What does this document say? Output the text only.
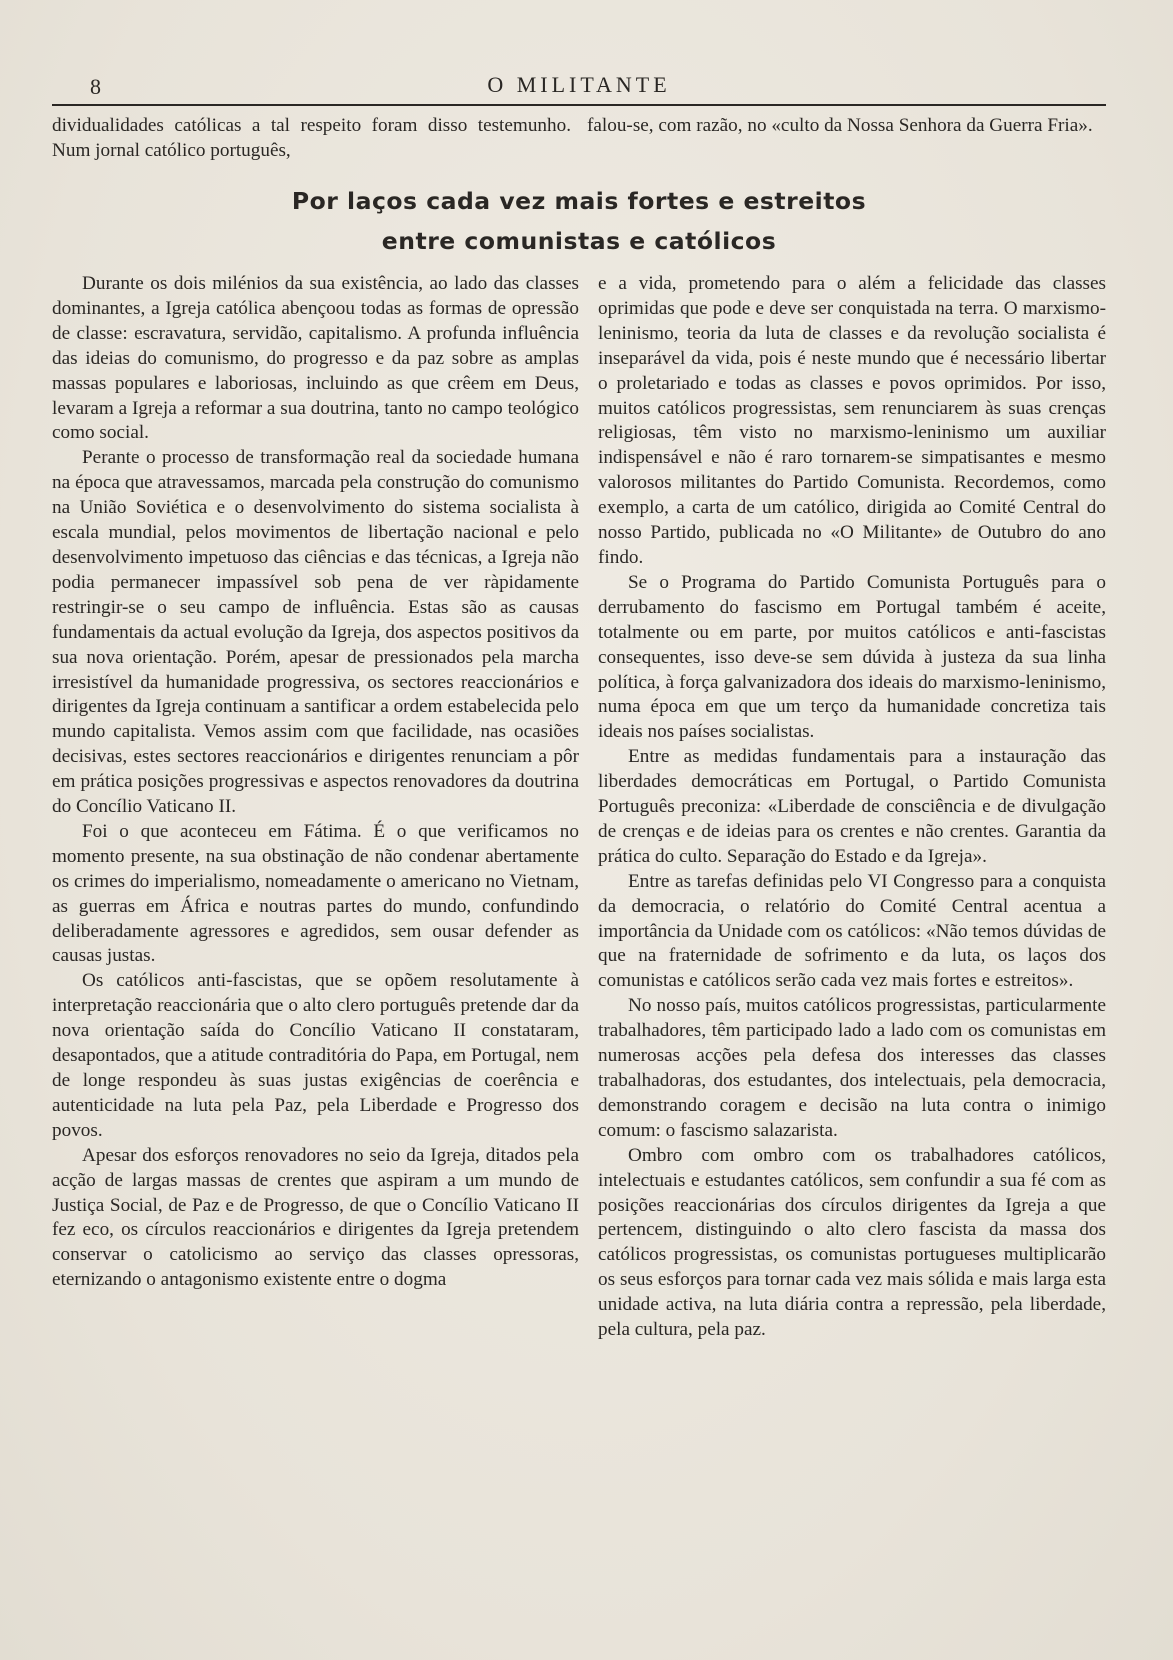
O MILITANTE
8

dividualidades católicas a tal respeito foram disso testemunho. Num jornal católico português,

falou-se, com razão, no «culto da Nossa Senhora da Guerra Fria».

Por laços cada vez mais fortes e estreitos
entre comunistas e católicos

Durante os dois milénios da sua existência, ao lado das classes dominantes, a Igreja católica abençoou todas as formas de opressão de classe: escravatura, servidão, capitalismo. A profunda influência das ideias do comunismo, do progresso e da paz sobre as amplas massas populares e laboriosas, incluindo as que crêem em Deus, levaram a Igreja a reformar a sua doutrina, tanto no campo teológico como social.

Perante o processo de transformação real da sociedade humana na época que atravessamos, marcada pela construção do comunismo na União Soviética e o desenvolvimento do sistema socialista à escala mundial, pelos movimentos de libertação nacional e pelo desenvolvimento impetuoso das ciências e das técnicas, a Igreja não podia permanecer impassível sob pena de ver ràpidamente restringir-se o seu campo de influência. Estas são as causas fundamentais da actual evolução da Igreja, dos aspectos positivos da sua nova orientação. Porém, apesar de pressionados pela marcha irresistível da humanidade progressiva, os sectores reaccionários e dirigentes da Igreja continuam a santificar a ordem estabelecida pelo mundo capitalista. Vemos assim com que facilidade, nas ocasiões decisivas, estes sectores reaccionários e dirigentes renunciam a pôr em prática posições progressivas e aspectos renovadores da doutrina do Concílio Vaticano II.

Foi o que aconteceu em Fátima. É o que verificamos no momento presente, na sua obstinação de não condenar abertamente os crimes do imperialismo, nomeadamente o americano no Vietnam, as guerras em África e noutras partes do mundo, confundindo deliberadamente agressores e agredidos, sem ousar defender as causas justas.

Os católicos anti-fascistas, que se opõem resolutamente à interpretação reaccionária que o alto clero português pretende dar da nova orientação saída do Concílio Vaticano II constataram, desapontados, que a atitude contraditória do Papa, em Portugal, nem de longe respondeu às suas justas exigências de coerência e autenticidade na luta pela Paz, pela Liberdade e Progresso dos povos.

Apesar dos esforços renovadores no seio da Igreja, ditados pela acção de largas massas de crentes que aspiram a um mundo de Justiça Social, de Paz e de Progresso, de que o Concílio Vaticano II fez eco, os círculos reaccionários e dirigentes da Igreja pretendem conservar o catolicismo ao serviço das classes opressoras, eternizando o antagonismo existente entre o dogma

e a vida, prometendo para o além a felicidade das classes oprimidas que pode e deve ser conquistada na terra. O marxismo-leninismo, teoria da luta de classes e da revolução socialista é inseparável da vida, pois é neste mundo que é necessário libertar o proletariado e todas as classes e povos oprimidos. Por isso, muitos católicos progressistas, sem renunciarem às suas crenças religiosas, têm visto no marxismo-leninismo um auxiliar indispensável e não é raro tornarem-se simpatisantes e mesmo valorosos militantes do Partido Comunista. Recordemos, como exemplo, a carta de um católico, dirigida ao Comité Central do nosso Partido, publicada no «O Militante» de Outubro do ano findo.

Se o Programa do Partido Comunista Português para o derrubamento do fascismo em Portugal também é aceite, totalmente ou em parte, por muitos católicos e anti-fascistas consequentes, isso deve-se sem dúvida à justeza da sua linha política, à força galvanizadora dos ideais do marxismo-leninismo, numa época em que um terço da humanidade concretiza tais ideais nos países socialistas.

Entre as medidas fundamentais para a instauração das liberdades democráticas em Portugal, o Partido Comunista Português preconiza: «Liberdade de consciência e de divulgação de crenças e de ideias para os crentes e não crentes. Garantia da prática do culto. Separação do Estado e da Igreja».

Entre as tarefas definidas pelo VI Congresso para a conquista da democracia, o relatório do Comité Central acentua a importância da Unidade com os católicos: «Não temos dúvidas de que na fraternidade de sofrimento e da luta, os laços dos comunistas e católicos serão cada vez mais fortes e estreitos».

No nosso país, muitos católicos progressistas, particularmente trabalhadores, têm participado lado a lado com os comunistas em numerosas acções pela defesa dos interesses das classes trabalhadoras, dos estudantes, dos intelectuais, pela democracia, demonstrando coragem e decisão na luta contra o inimigo comum: o fascismo salazarista.

Ombro com ombro com os trabalhadores católicos, intelectuais e estudantes católicos, sem confundir a sua fé com as posições reaccionárias dos círculos dirigentes da Igreja a que pertencem, distinguindo o alto clero fascista da massa dos católicos progressistas, os comunistas portugueses multiplicarão os seus esforços para tornar cada vez mais sólida e mais larga esta unidade activa, na luta diária contra a repressão, pela liberdade, pela cultura, pela paz.
